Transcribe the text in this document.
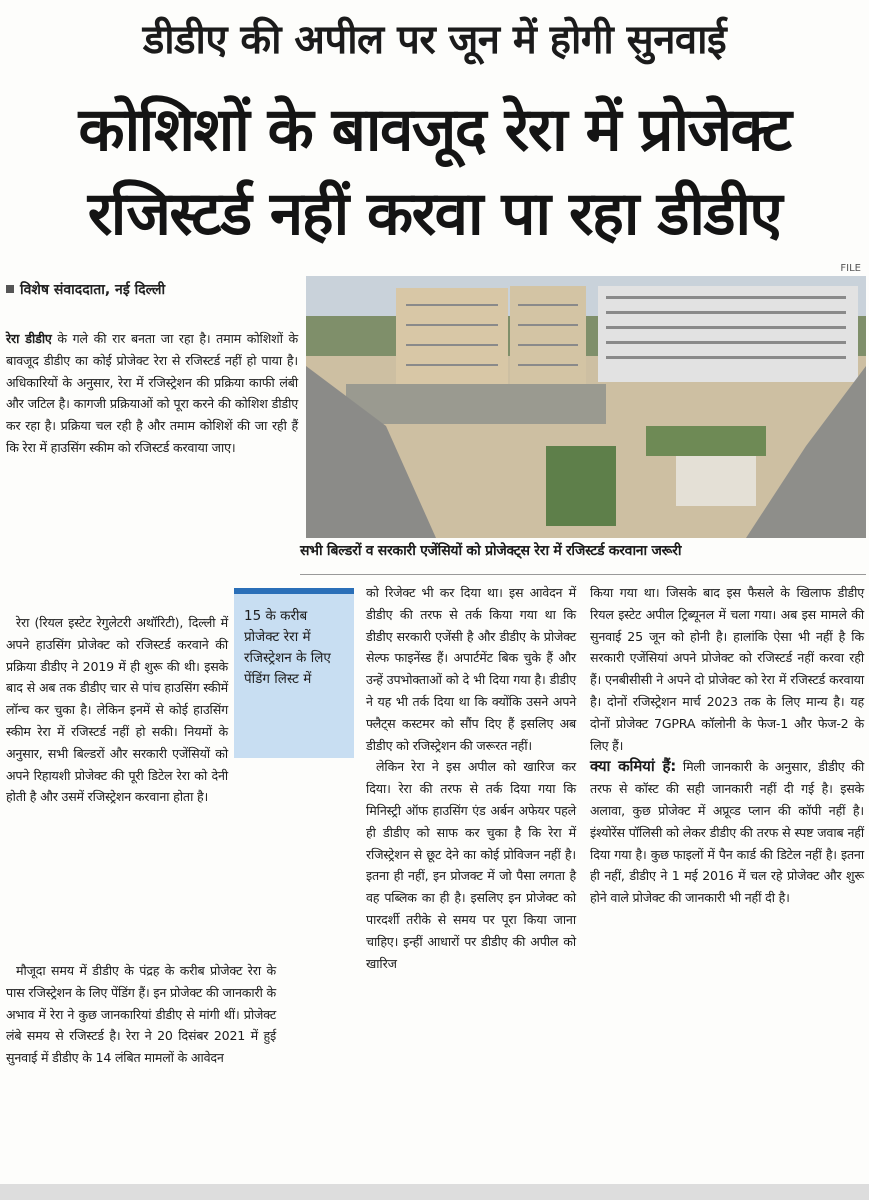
डीडीए की अपील पर जून में होगी सुनवाई
कोशिशों के बावजूद रेरा में प्रोजेक्ट
रजिस्टर्ड नहीं करवा पा रहा डीडीए
FILE
विशेष संवाददाता, नई दिल्ली
सभी बिल्डरों व सरकारी एजेंसियों को प्रोजेक्ट्स रेरा में रजिस्टर्ड करवाना जरूरी

रेरा डीडीए के गले की रार बनता जा रहा है। तमाम कोशिशों के बावजूद डीडीए का कोई प्रोजेक्ट रेरा से रजिस्टर्ड नहीं हो पाया है। अधिकारियों के अनुसार, रेरा में रजिस्ट्रेशन की प्रक्रिया काफी लंबी और जटिल है। कागजी प्रक्रियाओं को पूरा करने की कोशिश डीडीए कर रहा है। प्रक्रिया चल रही है और तमाम कोशिशें की जा रही हैं कि रेरा में हाउसिंग स्कीम को रजिस्टर्ड करवाया जाए।

रेरा (रियल इस्टेट रेगुलेटरी अथॉरिटी), दिल्ली में अपने हाउसिंग प्रोजेक्ट को रजिस्टर्ड करवाने की प्रक्रिया डीडीए ने 2019 में ही शुरू की थी। इसके बाद से अब तक डीडीए चार से पांच हाउसिंग स्कीमें लॉन्च कर चुका है। लेकिन इनमें से कोई हाउसिंग स्कीम रेरा में रजिस्टर्ड नहीं हो सकी। नियमों के अनुसार, सभी बिल्डरों और सरकारी एजेंसियों को अपने रिहायशी प्रोजेक्ट की पूरी डिटेल रेरा को देनी होती है और उसमें रजिस्ट्रेशन करवाना होता है।

मौजूदा समय में डीडीए के पंद्रह के करीब प्रोजेक्ट रेरा के पास रजिस्ट्रेशन के लिए पेंडिंग हैं। इन प्रोजेक्ट की जानकारी के अभाव में रेरा ने कुछ जानकारियां डीडीए से मांगी थीं। प्रोजेक्ट लंबे समय से रजिस्टर्ड है। रेरा ने 20 दिसंबर 2021 में हुई सुनवाई में डीडीए के 14 लंबित मामलों के आवेदन

15 के करीब प्रोजेक्ट रेरा में रजिस्ट्रेशन के लिए पेंडिंग लिस्ट में

को रिजेक्ट भी कर दिया था। इस आवेदन में डीडीए की तरफ से तर्क किया गया था कि डीडीए सरकारी एजेंसी है और डीडीए के प्रोजेक्ट सेल्फ फाइनेंस्ड हैं। अपार्टमेंट बिक चुके हैं और उन्हें उपभोक्ताओं को दे भी दिया गया है। डीडीए ने यह भी तर्क दिया था कि क्योंकि उसने अपने फ्लैट्स कस्टमर को सौंप दिए हैं इसलिए अब डीडीए को रजिस्ट्रेशन की जरूरत नहीं।

लेकिन रेरा ने इस अपील को खारिज कर दिया। रेरा की तरफ से तर्क दिया गया कि मिनिस्ट्री ऑफ हाउसिंग एंड अर्बन अफेयर पहले ही डीडीए को साफ कर चुका है कि रेरा में रजिस्ट्रेशन से छूट देने का कोई प्रोविजन नहीं है। इतना ही नहीं, इन प्रोजक्ट में जो पैसा लगता है वह पब्लिक का ही है। इसलिए इन प्रोजेक्ट को पारदर्शी तरीके से समय पर पूरा किया जाना चाहिए। इन्हीं आधारों पर डीडीए की अपील को खारिज

किया गया था। जिसके बाद इस फैसले के खिलाफ डीडीए रियल इस्टेट अपील ट्रिब्यूनल में चला गया। अब इस मामले की सुनवाई 25 जून को होनी है। हालांकि ऐसा भी नहीं है कि सरकारी एजेंसियां अपने प्रोजेक्ट को रजिस्टर्ड नहीं करवा रही हैं। एनबीसीसी ने अपने दो प्रोजेक्ट को रेरा में रजिस्टर्ड करवाया है। दोनों रजिस्ट्रेशन मार्च 2023 तक के लिए मान्य है। यह दोनों प्रोजेक्ट 7GPRA कॉलोनी के फेज-1 और फेज-2 के लिए हैं।

क्या कमियां हैं: मिली जानकारी के अनुसार, डीडीए की तरफ से कॉस्ट की सही जानकारी नहीं दी गई है। इसके अलावा, कुछ प्रोजेक्ट में अप्रूव्ड प्लान की कॉपी नहीं है। इंश्योरेंस पॉलिसी को लेकर डीडीए की तरफ से स्पष्ट जवाब नहीं दिया गया है। कुछ फाइलों में पैन कार्ड की डिटेल नहीं है। इतना ही नहीं, डीडीए ने 1 मई 2016 में चल रहे प्रोजेक्ट और शुरू होने वाले प्रोजेक्ट की जानकारी भी नहीं दी है।
